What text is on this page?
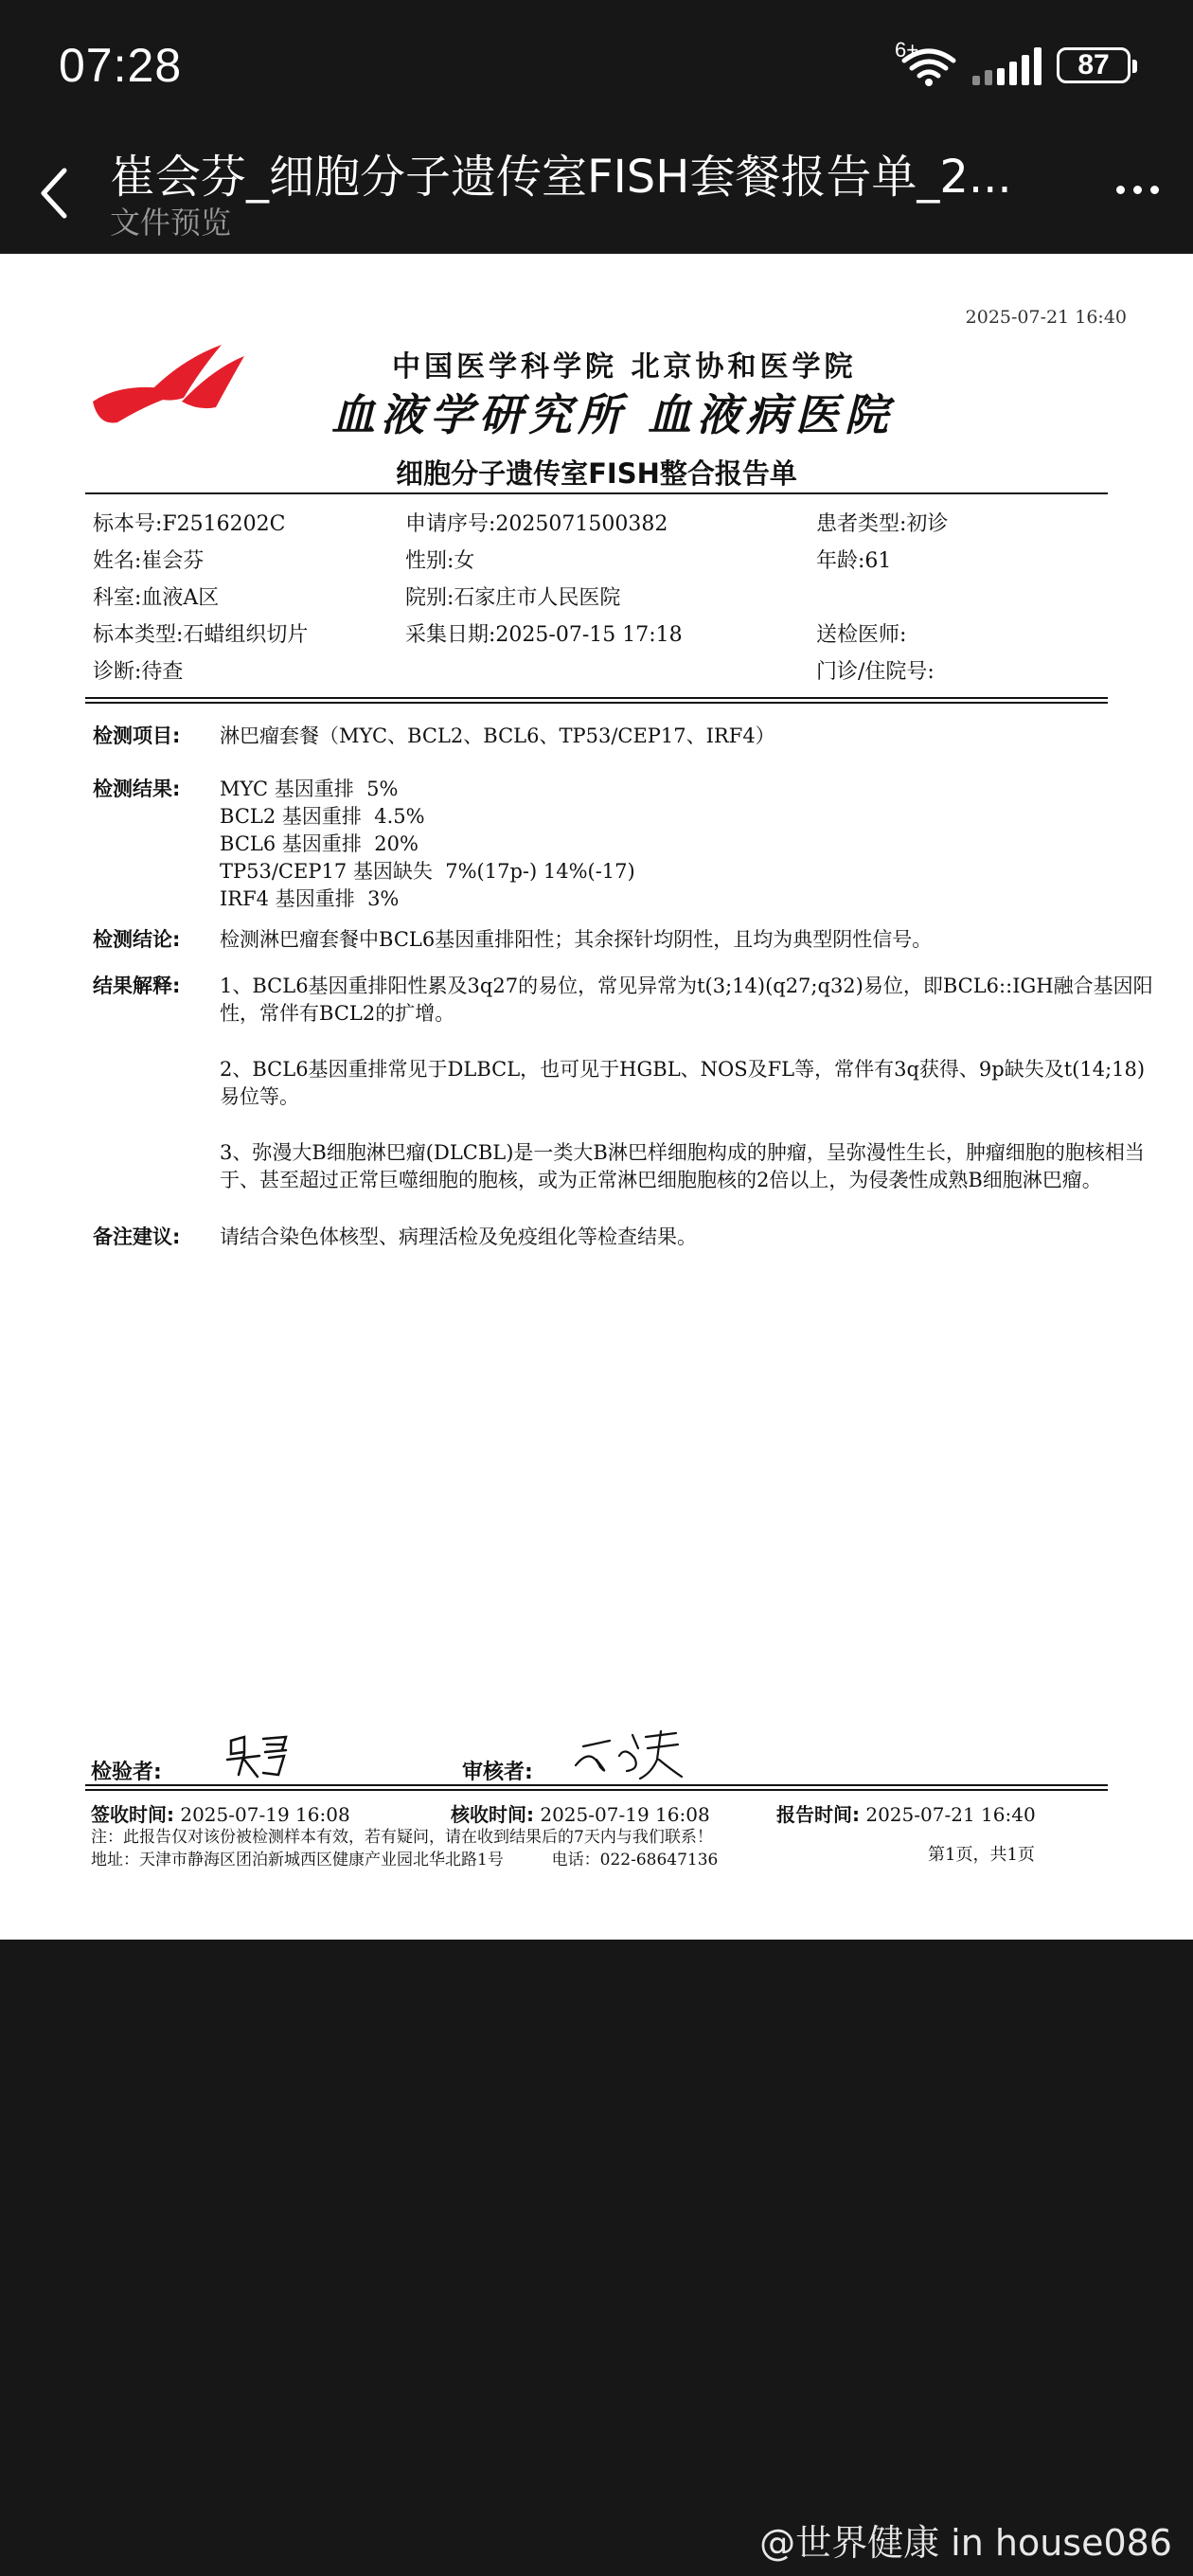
07:28	6+	87
崔会芬_细胞分子遗传室FISH套餐报告单_2...
文件预览
2025-07-21 16:40
中国医学科学院 北京协和医学院
血液学研究所 血液病医院
细胞分子遗传室FISH整合报告单
标本号:F2516202C	申请序号:2025071500382	患者类型:初诊
姓名:崔会芬	性别:女	年龄:61
科室:血液A区	院别:石家庄市人民医院
标本类型:石蜡组织切片	采集日期:2025-07-15 17:18	送检医师:
诊断:待查	门诊/住院号:
检测项目: 淋巴瘤套餐（MYC、BCL2、BCL6、TP53/CEP17、IRF4）
检测结果: MYC 基因重排  5%
BCL2 基因重排  4.5%
BCL6 基因重排  20%
TP53/CEP17 基因缺失  7%(17p-) 14%(-17)
IRF4 基因重排  3%
检测结论: 检测淋巴瘤套餐中BCL6基因重排阳性；其余探针均阴性，且均为典型阴性信号。
结果解释: 1、BCL6基因重排阳性累及3q27的易位，常见异常为t(3;14)(q27;q32)易位，即BCL6::IGH融合基因阳性，常伴有BCL2的扩增。

2、BCL6基因重排常见于DLBCL，也可见于HGBL、NOS及FL等，常伴有3q获得、9p缺失及t(14;18)易位等。

3、弥漫大B细胞淋巴瘤(DLCBL)是一类大B淋巴样细胞构成的肿瘤，呈弥漫性生长，肿瘤细胞的胞核相当于、甚至超过正常巨噬细胞的胞核，或为正常淋巴细胞胞核的2倍以上，为侵袭性成熟B细胞淋巴瘤。

备注建议: 请结合染色体核型、病理活检及免疫组化等检查结果。
检验者:	审核者:
签收时间: 2025-07-19 16:08	核收时间: 2025-07-19 16:08	报告时间: 2025-07-21 16:40
注：此报告仅对该份被检测样本有效，若有疑问，请在收到结果后的7天内与我们联系！
地址：天津市静海区团泊新城西区健康产业园北华北路1号	电话：022-68647136	第1页，共1页
@世界健康 in house086
